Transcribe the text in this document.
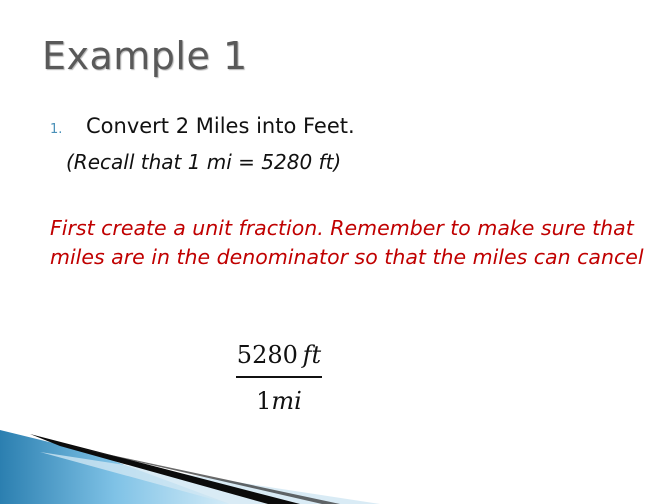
Example 1
1.	Convert 2 Miles into Feet.
(Recall that 1 mi = 5280 ft)

First create a unit fraction. Remember to make sure that miles are in the denominator so that the miles can cancel

5280  ft
1mi
